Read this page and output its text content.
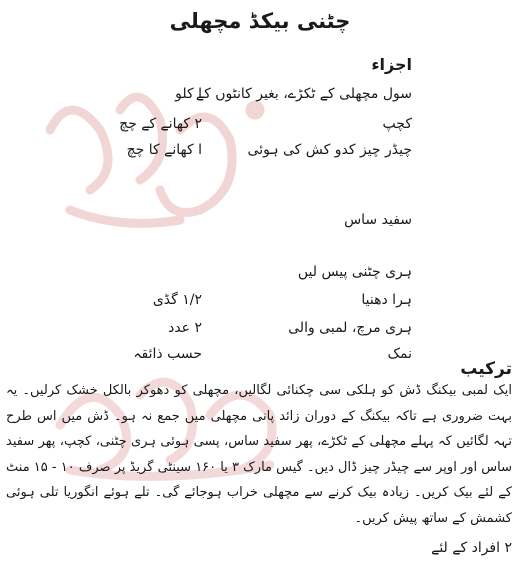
چٹنی بیکڈ مچھلی
اجزاء
سول مچھلی کے ٹکڑے، بغیر کانٹوں کے
ا کلو
کچپ
۲ کھانے کے چچ
چیڈر چیز کدو کش کی ہوئی
ا کھانے کا چچ
سفید ساس
ہری چٹنی پیس لیں
ہرا دھنیا
۱/۲ گڈی
ہری مرچ، لمبی والی
۲ عدد
نمک
حسب ذائقہ
ترکیب

ایک لمبی بیکنگ ڈش کو ہلکی سی چکنائی لگالیں، مچھلی کو دھوکر بالکل خشک کرلیں۔ یہ بہت ضروری ہے تاکہ بیکنگ کے دوران زائد پانی مچھلی میں جمع نہ ہو۔ ڈش میں اس طرح تہہ لگائیں کہ پہلے مچھلی کے ٹکڑے، پھر سفید ساس، پسی ہوئی ہری چٹنی، کچپ، پھر سفید ساس اور اوپر سے چیڈر چیز ڈال دیں۔ گیس مارک ۳ یا ۱۶۰ سینٹی گریڈ پر صرف ۱۰ - ۱۵ منٹ کے لئے بیک کریں۔ زیادہ بیک کرنے سے مچھلی خراب ہوجائے گی۔ تلے ہوئے انگوریا تلی ہوئی کشمش کے ساتھ پیش کریں۔

۲ افراد کے لئے
